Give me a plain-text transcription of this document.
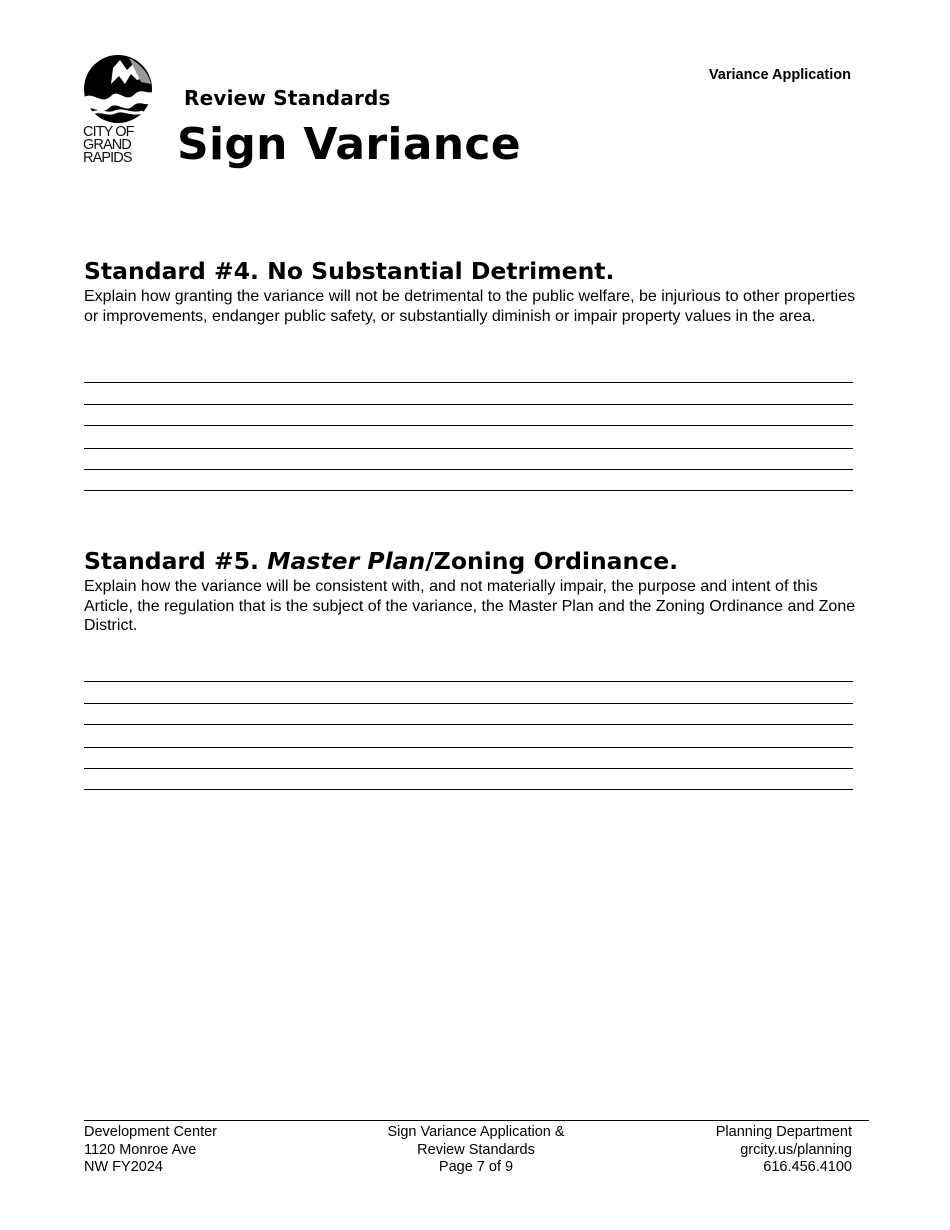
CITY OF
GRAND
RAPIDS
Variance Application
Review Standards
Sign Variance
Standard #4. No Substantial Detriment.
Explain how granting the variance will not be detrimental to the public welfare, be injurious to other properties or improvements, endanger public safety, or substantially diminish or impair property values in the area.
Standard #5. Master Plan/Zoning Ordinance.
Explain how the variance will be consistent with, and not materially impair, the purpose and intent of this Article, the regulation that is the subject of the variance, the Master Plan and the Zoning Ordinance and Zone District.
Development Center
1120 Monroe Ave
NW FY2024
Sign Variance Application &
Review Standards
Page 7 of 9
Planning Department
grcity.us/planning
616.456.4100
